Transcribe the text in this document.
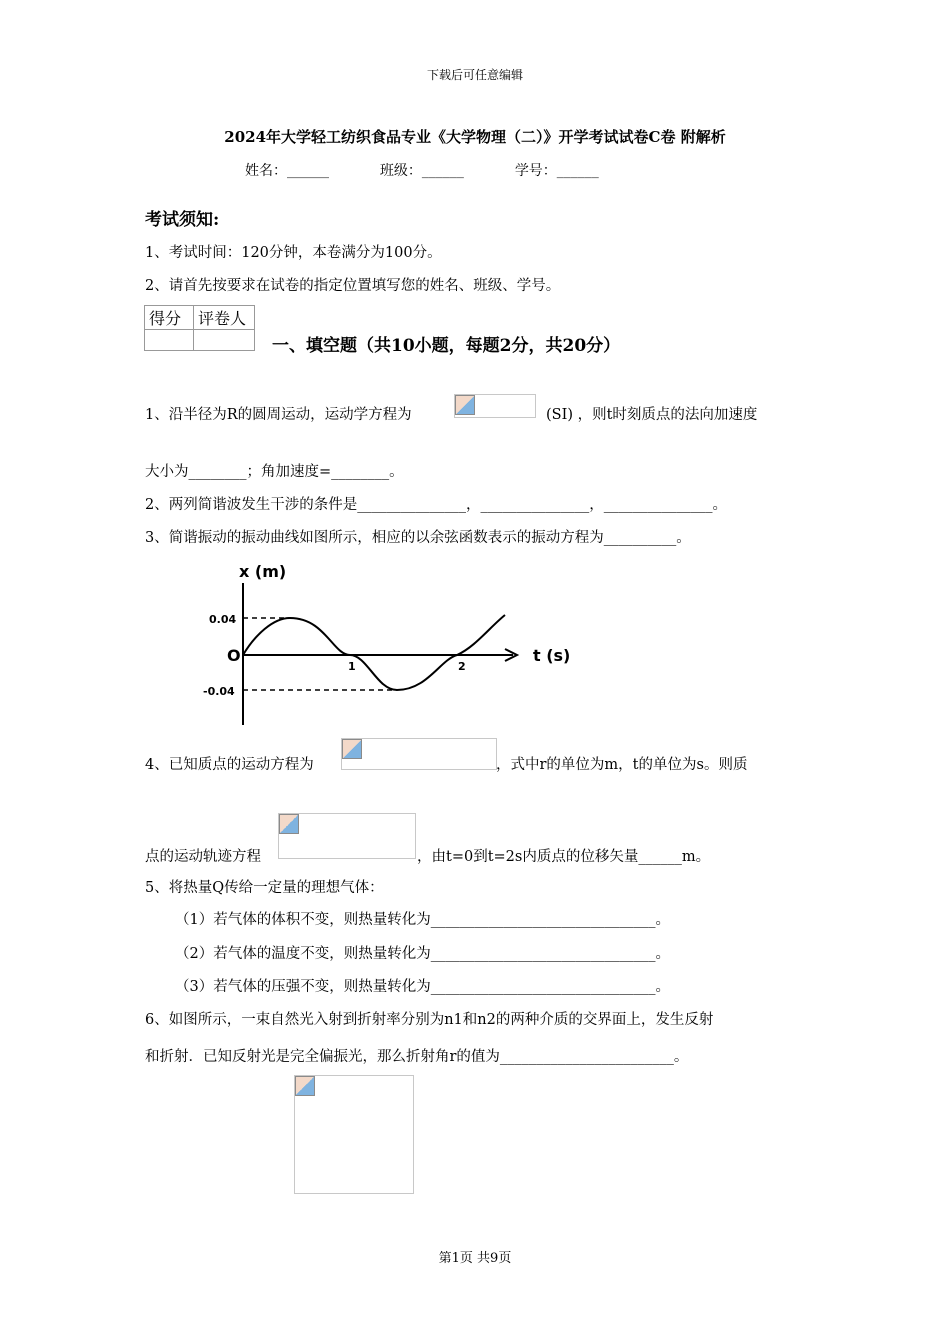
下载后可任意编辑
2024年大学轻工纺织食品专业《大学物理（二）》开学考试试卷C卷 附解析
姓名：______	班级：______	学号：______
考试须知:
1、考试时间：120分钟，本卷满分为100分。
2、请首先按要求在试卷的指定位置填写您的姓名、班级、学号。
得分	评卷人

一、填空题（共10小题，每题2分，共20分）
1、沿半径为R的圆周运动，运动学方程为	(SI) ，则t时刻质点的法向加速度
大小为________；角加速度=________。
2、两列简谐波发生干涉的条件是_______________，_______________，_______________。
3、简谐振动的振动曲线如图所示，相应的以余弦函数表示的振动方程为__________。
x (m)
0.04
-0.04
O
1	2
t (s)
4、已知质点的运动方程为	，式中r的单位为m，t的单位为s。则质
点的运动轨迹方程	，由t=0到t=2s内质点的位移矢量______m。
5、将热量Q传给一定量的理想气体：
（1）若气体的体积不变，则热量转化为_______________________________。
（2）若气体的温度不变，则热量转化为_______________________________。
（3）若气体的压强不变，则热量转化为_______________________________。
6、如图所示，一束自然光入射到折射率分别为n1和n2的两种介质的交界面上，发生反射
和折射．已知反射光是完全偏振光，那么折射角r的值为________________________。
第1页 共9页
